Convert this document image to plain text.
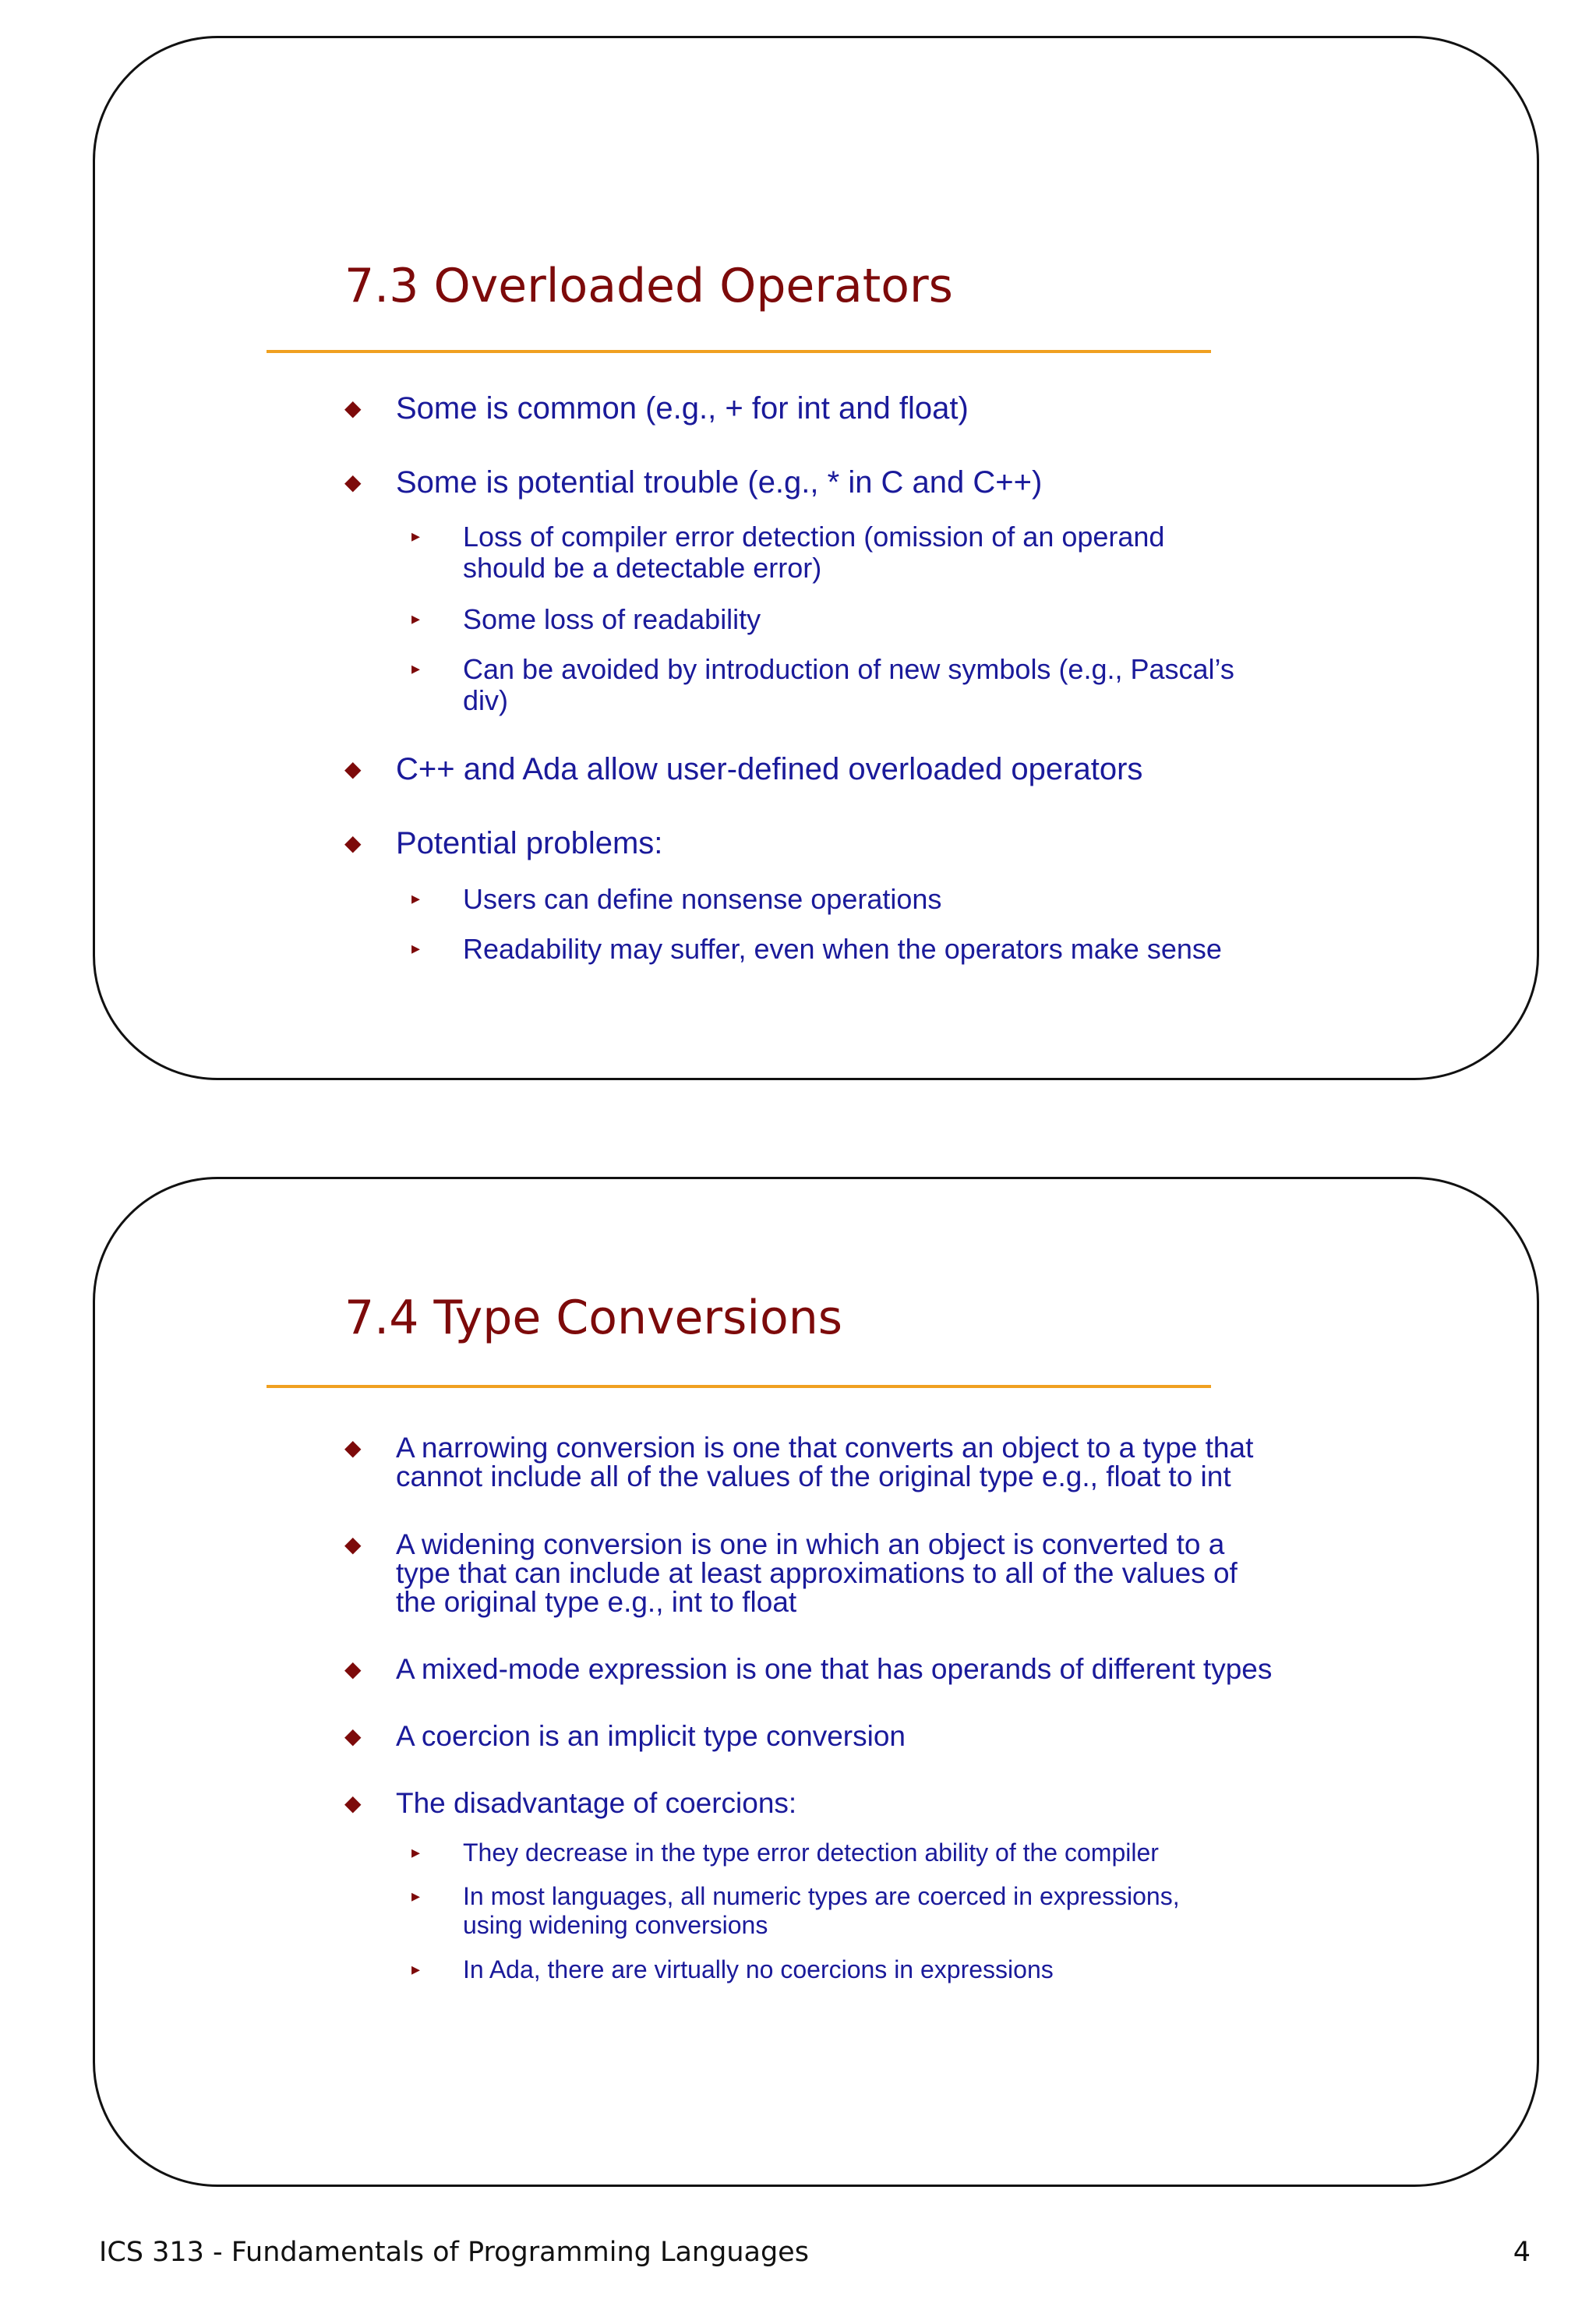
7.3 Overloaded Operators
◆ Some is common (e.g., + for int and float)
◆ Some is potential trouble (e.g., * in C and C++)
▸ Loss of compiler error detection (omission of an operand
should be a detectable error)
▸ Some loss of readability
▸ Can be avoided by introduction of new symbols (e.g., Pascal’s
div)
◆ C++ and Ada allow user-defined overloaded operators
◆ Potential problems:
▸ Users can define nonsense operations
▸ Readability may suffer, even when the operators make sense
7.4 Type Conversions
◆ A narrowing conversion is one that converts an object to a type that
cannot include all of the values of the original type e.g., float to int
◆ A widening conversion is one in which an object is converted to a
type that can include at least approximations to all of the values of
the original type e.g., int to float
◆ A mixed-mode expression is one that has operands of different types
◆ A coercion is an implicit type conversion
◆ The disadvantage of coercions:
▸ They decrease in the type error detection ability of the compiler
▸ In most languages, all numeric types are coerced in expressions,
using widening conversions
▸ In Ada, there are virtually no coercions in expressions
ICS 313 - Fundamentals of Programming Languages	4
